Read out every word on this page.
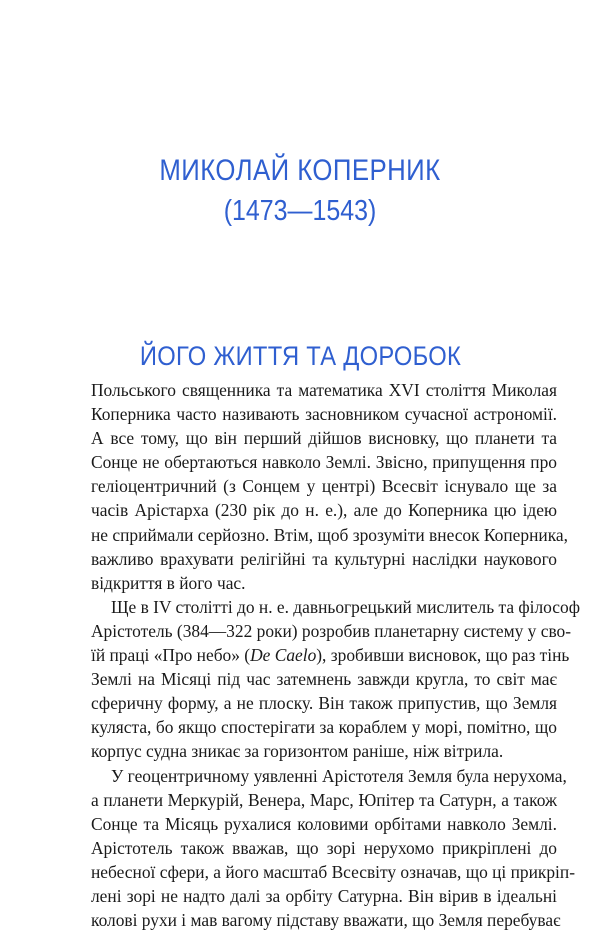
МИКОЛАЙ КОПЕРНИК
(1473—1543)
ЙОГО ЖИТТЯ ТА ДОРОБОК
Польського священника та математика XVI століття Миколая
Коперника часто називають засновником сучасної астрономії.
А все тому, що він перший дійшов висновку, що планети та
Сонце не обертаються навколо Землі. Звісно, припущення про
геліоцентричний (з Сонцем у центрі) Всесвіт існувало ще за
часів Арістарха (230 рік до н. е.), але до Коперника цю ідею
не сприймали серйозно. Втім, щоб зрозуміти внесок Коперника,
важливо врахувати релігійні та культурні наслідки наукового
відкриття в його час.
Ще в IV столітті до н. е. давньогрецький мислитель та філософ
Арістотель (384—322 роки) розробив планетарну систему у сво-
їй праці «Про небо» (De Caelo), зробивши висновок, що раз тінь
Землі на Місяці під час затемнень завжди кругла, то світ має
сферичну форму, а не плоску. Він також припустив, що Земля
куляста, бо якщо спостерігати за кораблем у морі, помітно, що
корпус судна зникає за горизонтом раніше, ніж вітрила.
У геоцентричному уявленні Арістотеля Земля була нерухома,
а планети Меркурій, Венера, Марс, Юпітер та Сатурн, а також
Сонце та Місяць рухалися коловими орбітами навколо Землі.
Арістотель також вважав, що зорі нерухомо прикріплені до
небесної сфери, а його масштаб Всесвіту означав, що ці прикріп-
лені зорі не надто далі за орбіту Сатурна. Він вірив в ідеальні
колові рухи і мав вагому підставу вважати, що Земля перебуває
